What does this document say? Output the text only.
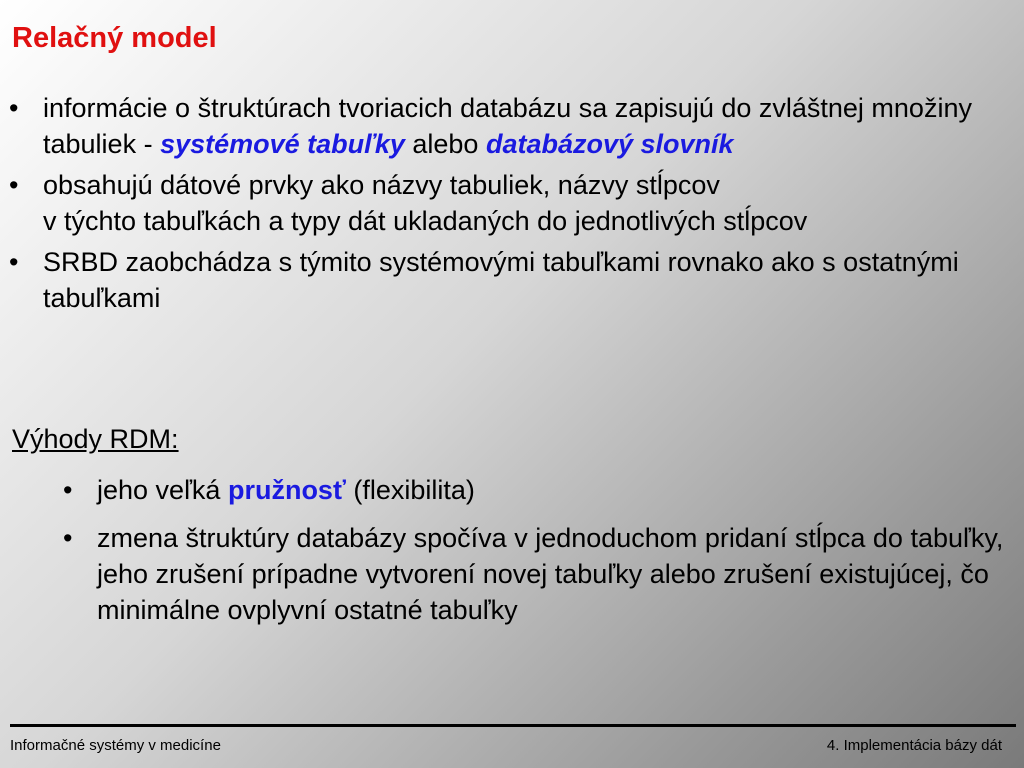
Relačný model
• informácie o štruktúrach tvoriacich databázu sa zapisujú do zvláštnej množiny tabuliek - systémové tabuľky alebo databázový slovník
• obsahujú dátové prvky ako názvy tabuliek, názvy stĺpcov
v týchto tabuľkách a typy dát ukladaných do jednotlivých stĺpcov
• SRBD zaobchádza s týmito systémovými tabuľkami rovnako ako s ostatnými tabuľkami
Výhody RDM:
• jeho veľká pružnosť (flexibilita)
• zmena štruktúry databázy spočíva v jednoduchom pridaní stĺpca do tabuľky, jeho zrušení prípadne vytvorení novej tabuľky alebo zrušení existujúcej, čo minimálne ovplyvní ostatné tabuľky
Informačné systémy v medicíne	4. Implementácia bázy dát
